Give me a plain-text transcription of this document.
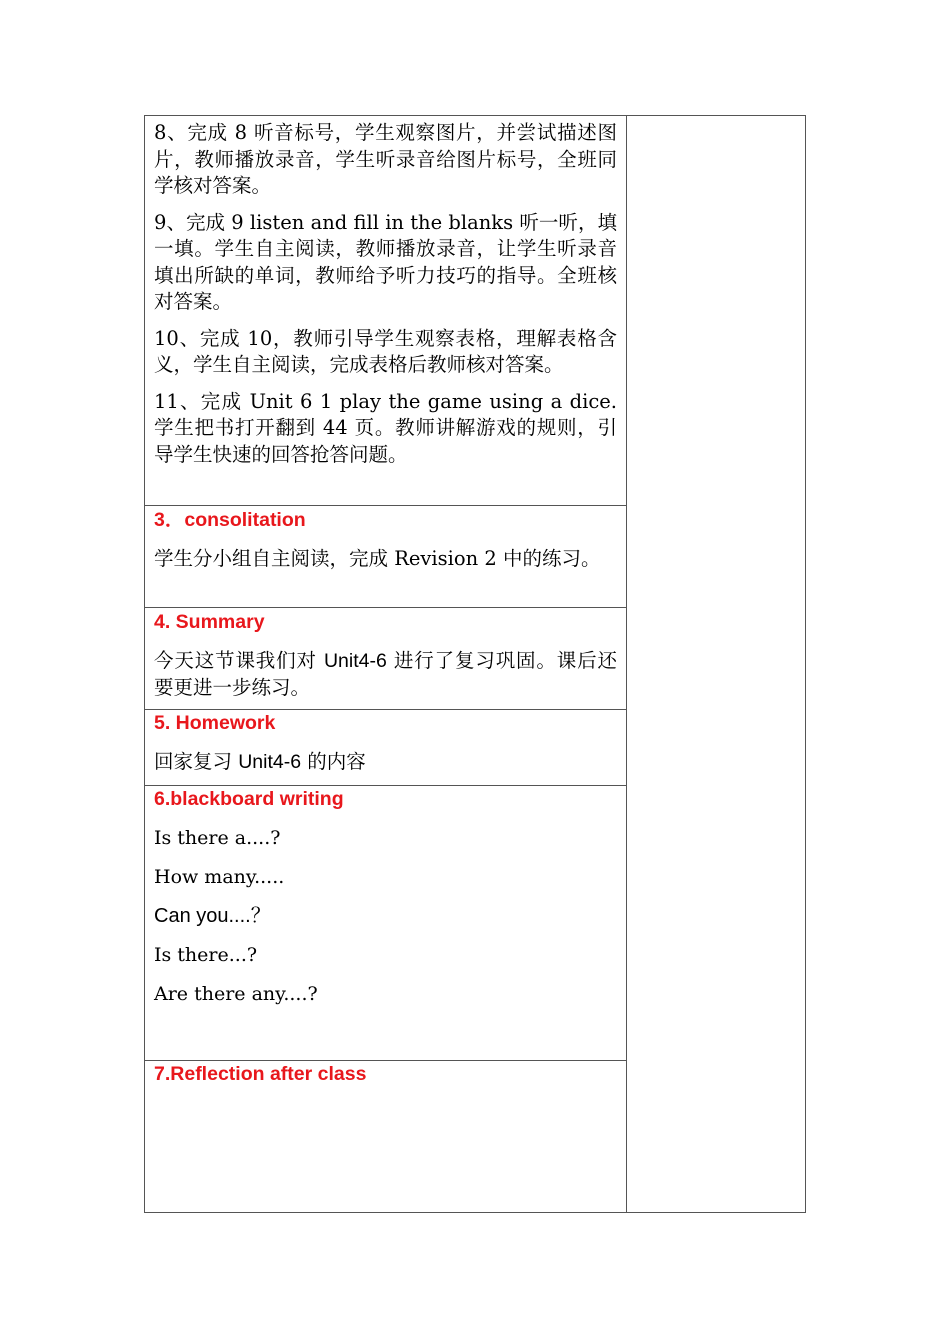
8、完成 8 听音标号，学生观察图片，并尝试描述图片，教师播放录音，学生听录音给图片标号，全班同学核对答案。

9、完成 9 listen and fill in the blanks 听一听，填一填。学生自主阅读，教师播放录音，让学生听录音填出所缺的单词，教师给予听力技巧的指导。全班核对答案。

10、完成 10，教师引导学生观察表格，理解表格含义，学生自主阅读，完成表格后教师核对答案。

11、完成 Unit 6 1 play the game using a dice.学生把书打开翻到 44 页。教师讲解游戏的规则，引导学生快速的回答抢答问题。

3．consolitation

学生分小组自主阅读，完成 Revision 2 中的练习。

4. Summary

今天这节课我们对 Unit4-6 进行了复习巩固。课后还要更进一步练习。

5. Homework

回家复习 Unit4-6 的内容

6.blackboard writing

Is there a....?

How many.....

Can you....？

Is there...?

Are there any....?

7.Reflection after class
